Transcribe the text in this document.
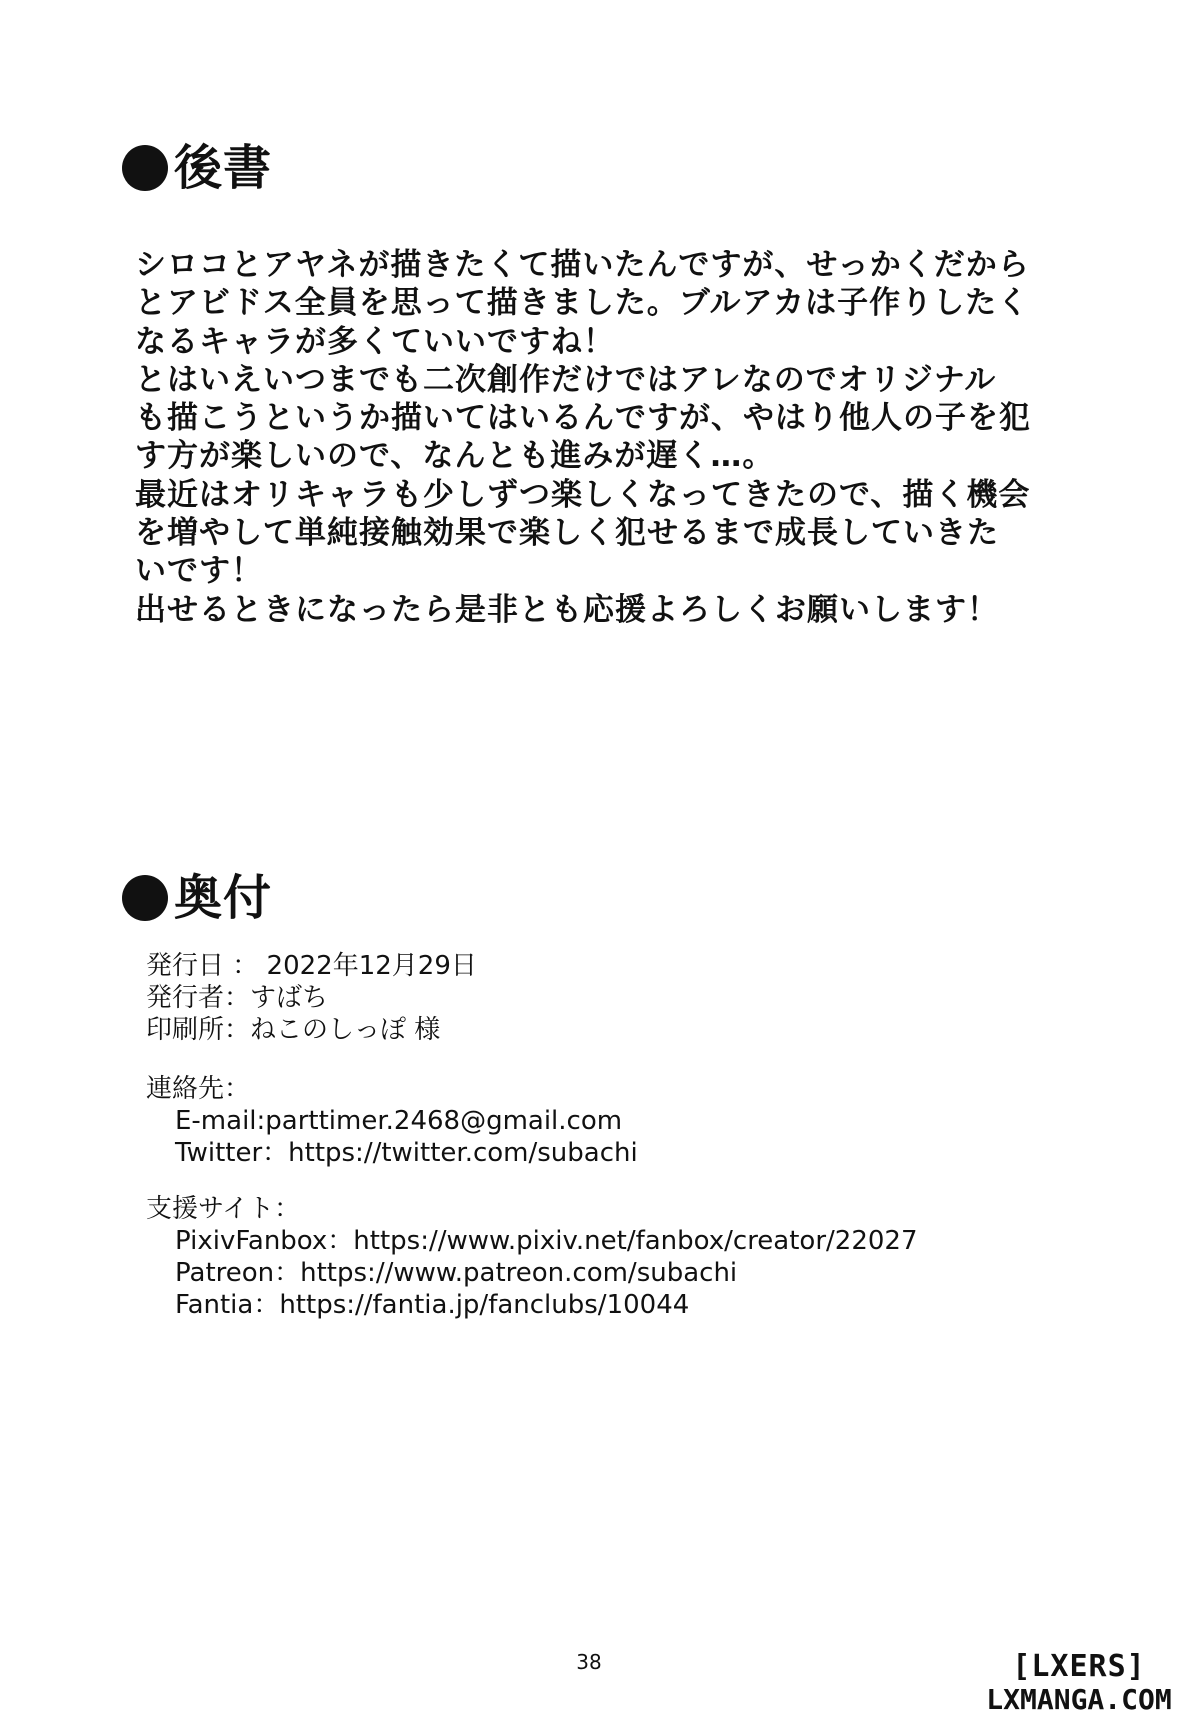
後書
シロコとアヤネが描きたくて描いたんですが、せっかくだから
とアビドス全員を思って描きました。ブルアカは子作りしたく
なるキャラが多くていいですね！
とはいえいつまでも二次創作だけではアレなのでオリジナル
も描こうというか描いてはいるんですが、やはり他人の子を犯
す方が楽しいので、なんとも進みが遅く…。
最近はオリキャラも少しずつ楽しくなってきたので、描く機会
を増やして単純接触効果で楽しく犯せるまで成長していきた
いです！
出せるときになったら是非とも応援よろしくお願いします！
奥付
発行日 ： 2022年12月29日
発行者：すばち
印刷所：ねこのしっぽ 様
連絡先：
E-mail:parttimer.2468@gmail.com
Twitter：https://twitter.com/subachi
支援サイト：
PixivFanbox：https://www.pixiv.net/fanbox/creator/22027
Patreon：https://www.patreon.com/subachi
Fantia：https://fantia.jp/fanclubs/10044
38	[LXERS]
LXMANGA.COM
